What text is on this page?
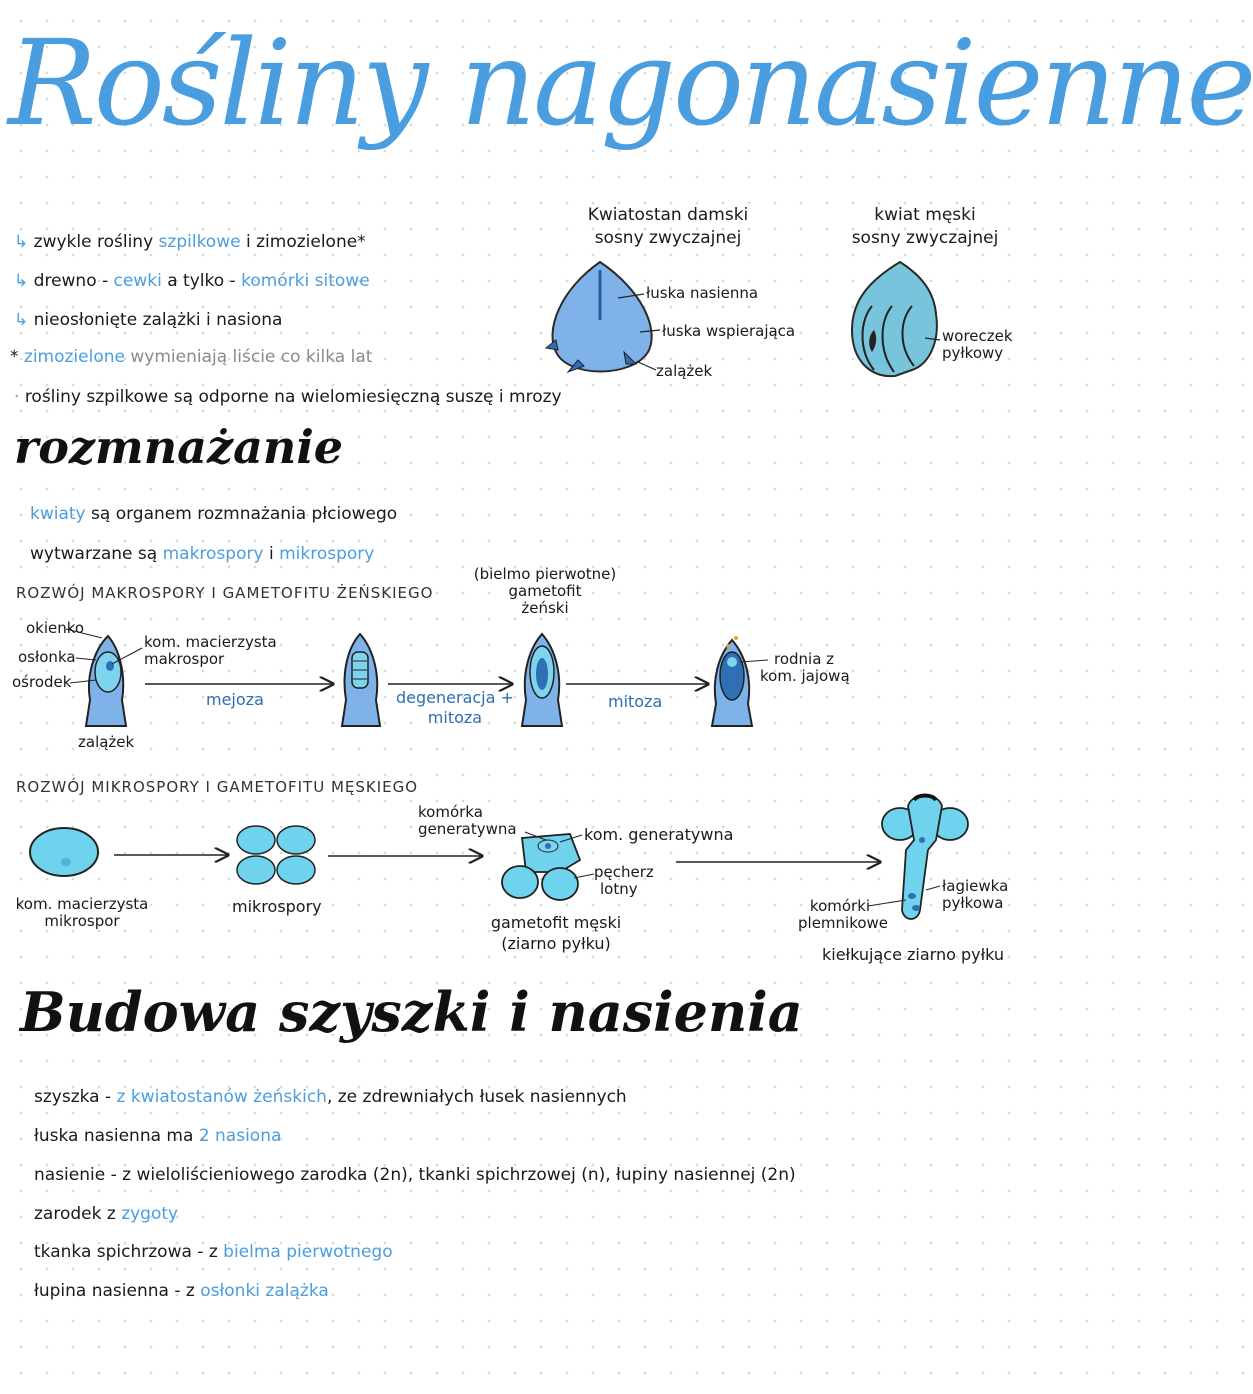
Rośliny nagonasienne
↳ zwykle rośliny szpilkowe i zimozielone*
↳ drewno - cewki a tylko - komórki sitowe
↳ nieosłonięte zalążki i nasiona
* zimozielone wymieniają liście co kilka lat
· rośliny szpilkowe są odporne na wielomiesięczną suszę i mrozy
Kwiatostan damski
sosny zwyczajnej
łuska nasienna
łuska wspierająca
zalążek
kwiat męski
sosny zwyczajnej
woreczek
pyłkowy
rozmnażanie
kwiaty są organem rozmnażania płciowego
wytwarzane są makrospory i mikrospory
ROZWÓJ MAKROSPORY I GAMETOFITU ŻEŃSKIEGO
okienko
osłonka
ośrodek
kom. macierzysta
makrospor
zalążek
mejoza	degeneracja +
mitoza
(bielmo pierwotne)
gametofit
żeński
mitoza
rodnia z
kom. jajową
ROZWÓJ MIKROSPORY I GAMETOFITU MĘSKIEGO
kom. macierzysta
mikrospor
mikrospory
komórka
generatywna	kom. generatywna
pęcherz
lotny
gametofit męski
(ziarno pyłku)
komórki
plemnikowe
łagiewka
pyłkowa
kiełkujące ziarno pyłku
Budowa szyszki i nasienia
szyszka - z kwiatostanów żeńskich, ze zdrewniałych łusek nasiennych
łuska nasienna ma 2 nasiona
nasienie - z wieloliścieniowego zarodka (2n), tkanki spichrzowej (n), łupiny nasiennej (2n)
zarodek z zygoty
tkanka spichrzowa - z bielma pierwotnego
łupina nasienna - z osłonki zalążka
